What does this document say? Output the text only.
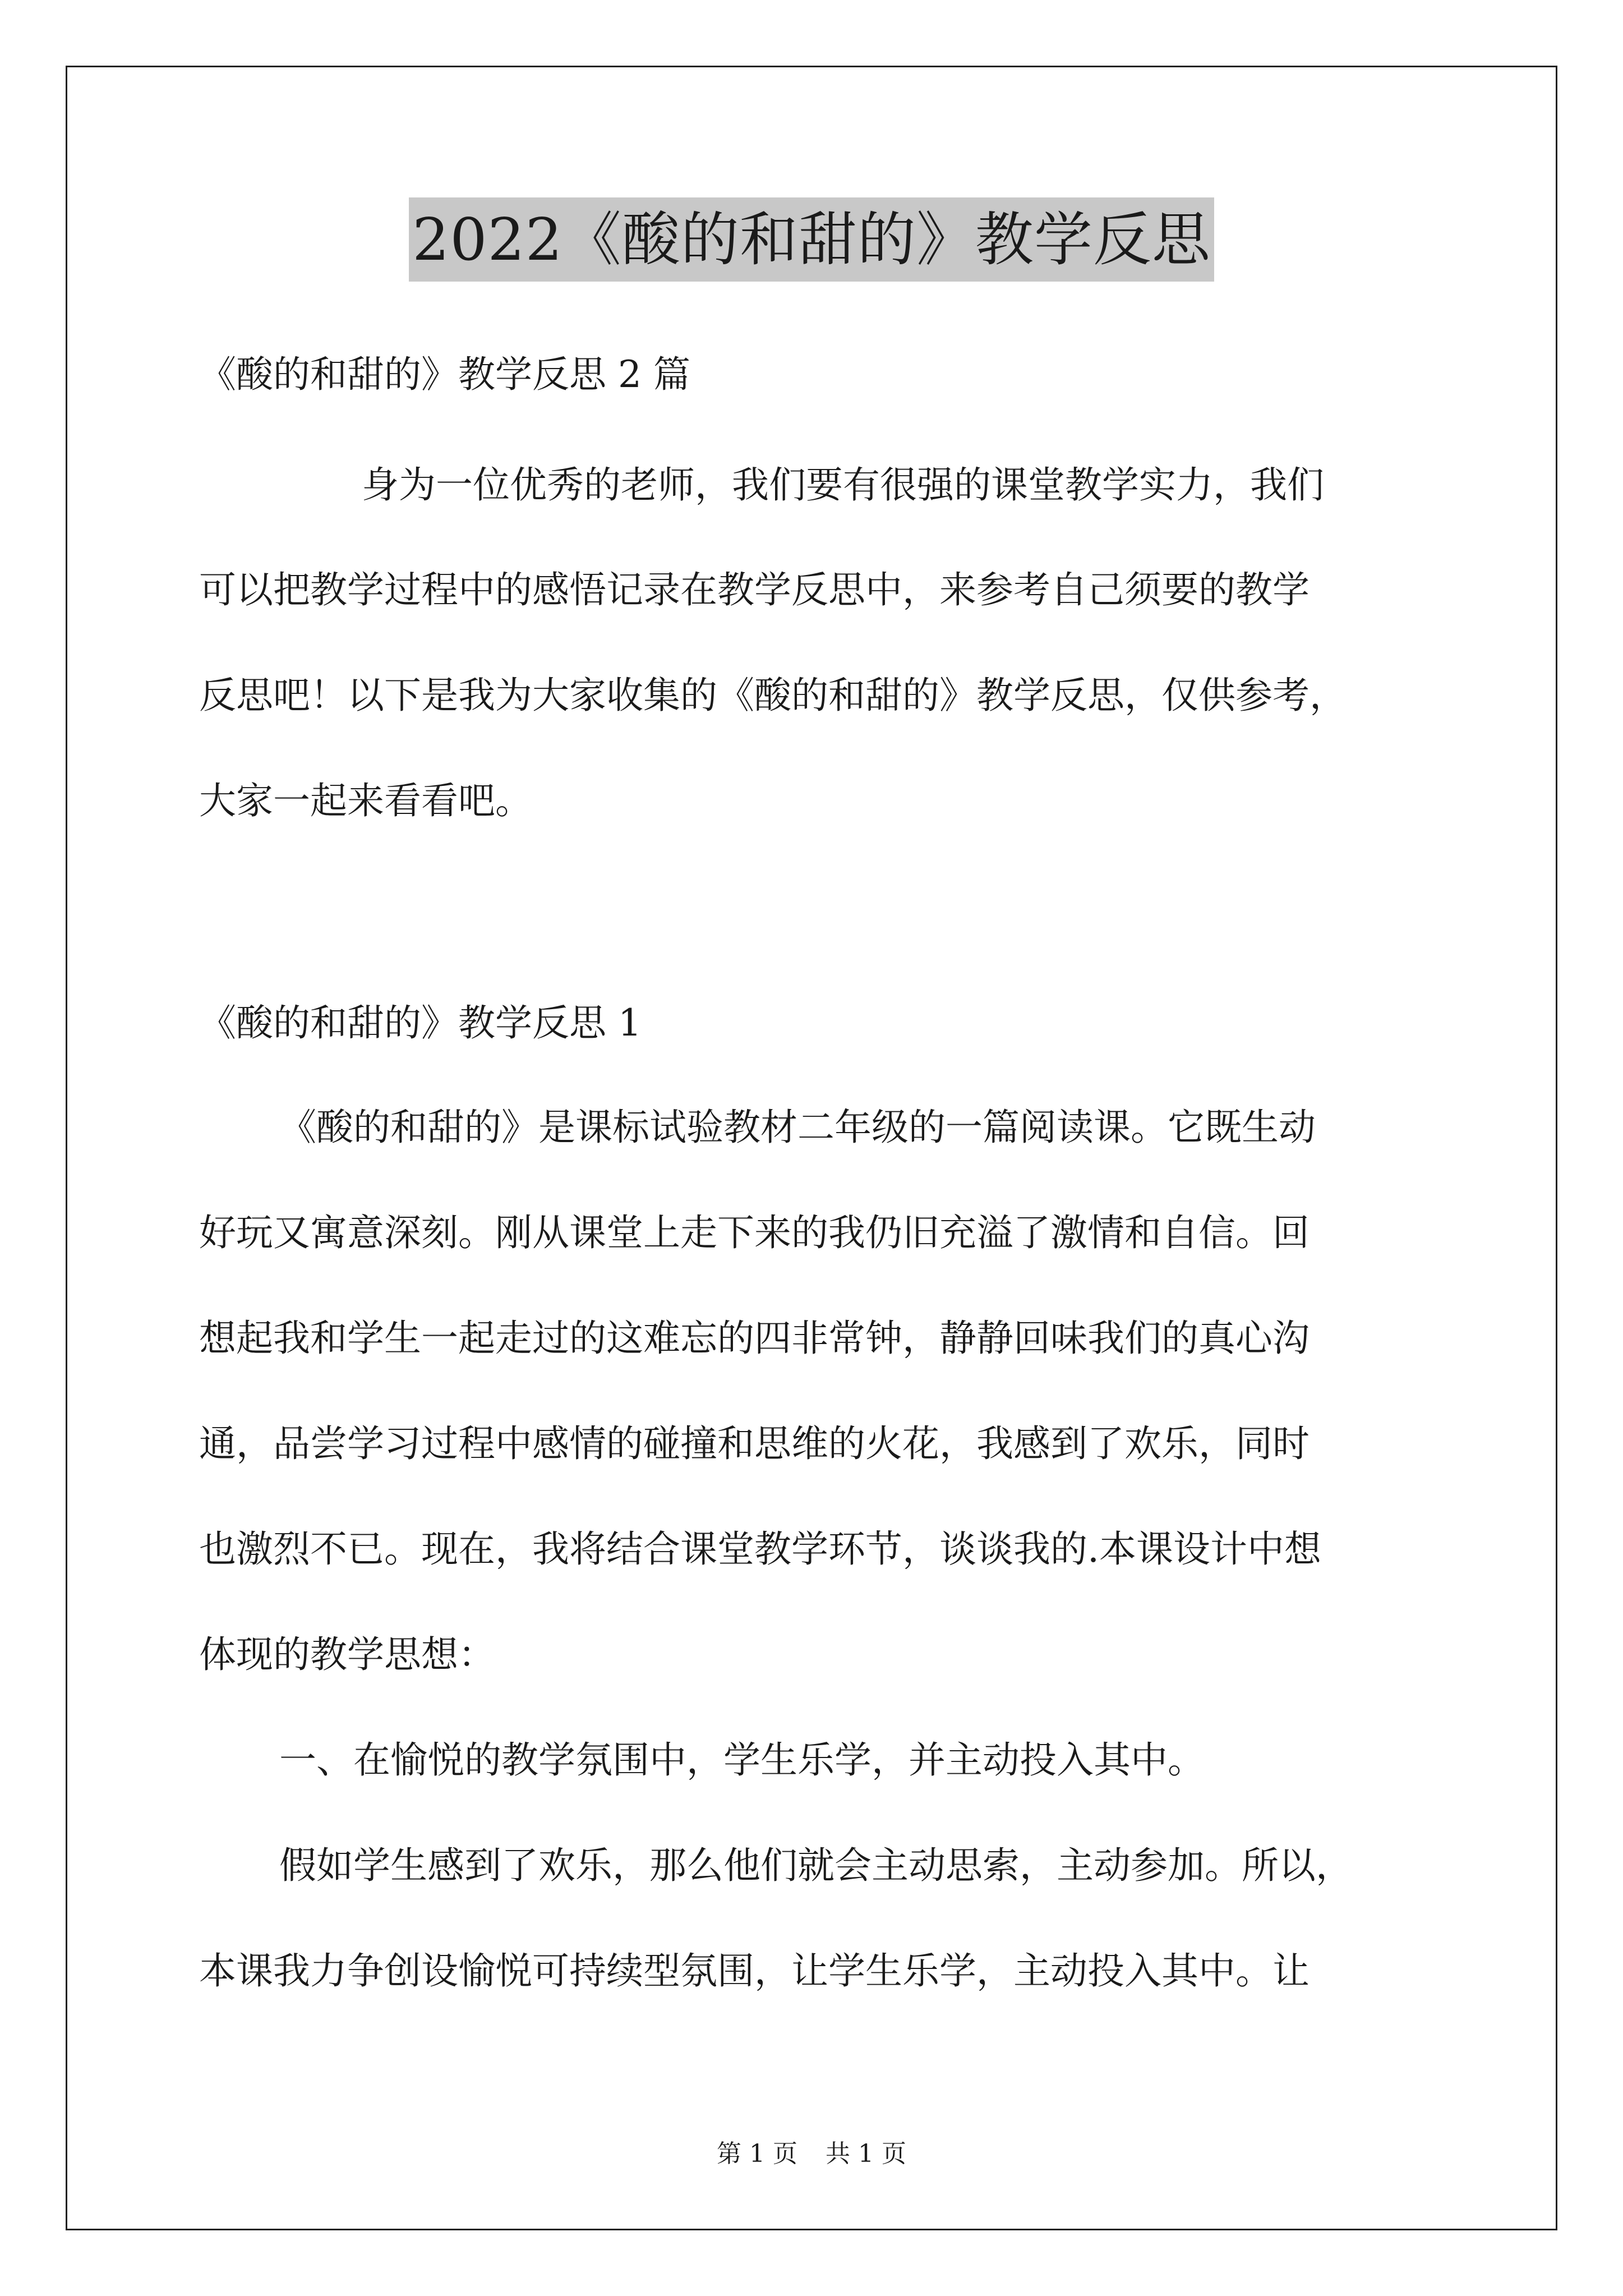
2022《酸的和甜的》教学反思
《酸的和甜的》教学反思 2 篇
身为一位优秀的老师，我们要有很强的课堂教学实力，我们
可以把教学过程中的感悟记录在教学反思中，来参考自己须要的教学
反思吧！以下是我为大家收集的《酸的和甜的》教学反思，仅供参考，
大家一起来看看吧。
《酸的和甜的》教学反思 1
《酸的和甜的》是课标试验教材二年级的一篇阅读课。它既生动
好玩又寓意深刻。刚从课堂上走下来的我仍旧充溢了激情和自信。回
想起我和学生一起走过的这难忘的四非常钟，静静回味我们的真心沟
通，品尝学习过程中感情的碰撞和思维的火花，我感到了欢乐，同时
也激烈不已。现在，我将结合课堂教学环节，谈谈我的.本课设计中想
体现的教学思想：
一、在愉悦的教学氛围中，学生乐学，并主动投入其中。
假如学生感到了欢乐，那么他们就会主动思索，主动参加。所以，
本课我力争创设愉悦可持续型氛围，让学生乐学，主动投入其中。让
第 1 页 共 1 页
